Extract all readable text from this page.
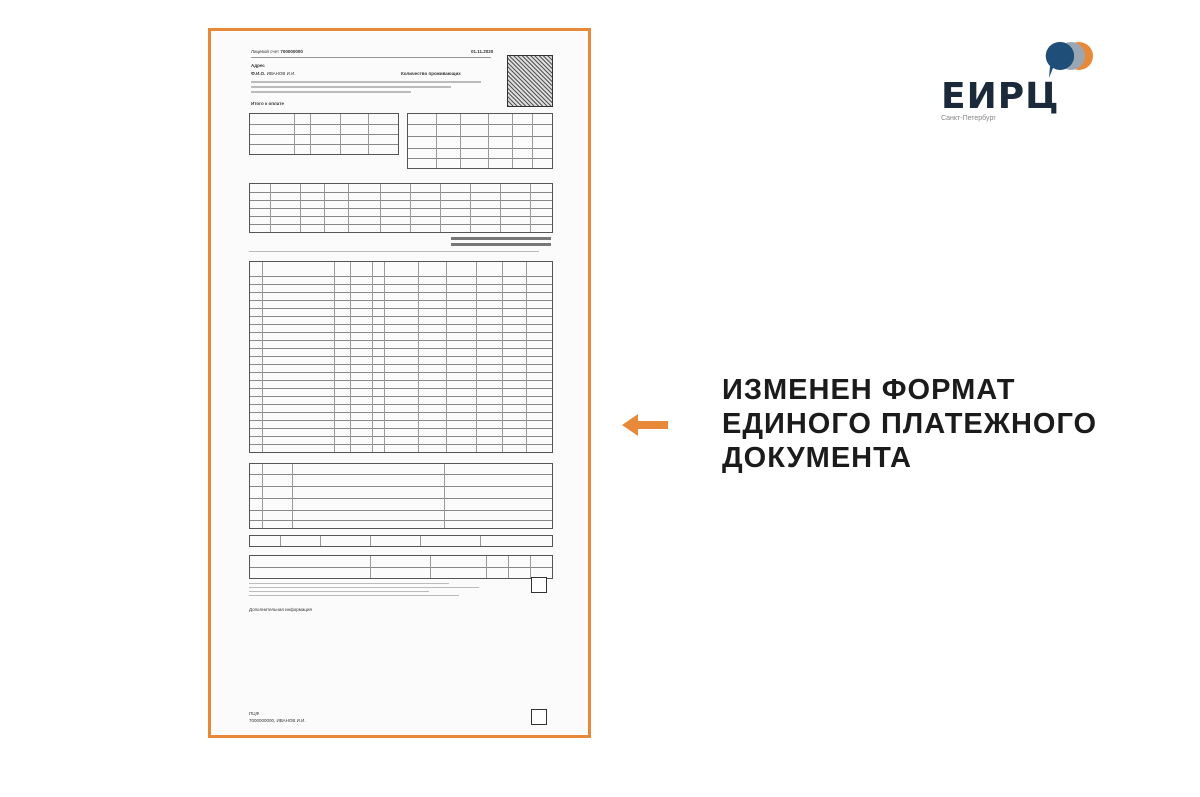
Лицевой счет 700000000	01.11.2020
Адрес
Ф.И.О. ИВАНОВ И.И.	Количество проживающих
Итого к оплате
Дополнительная информация
ПЦФ
7000000000, ИВАНОВ И.И.
ИЗМЕНЕН ФОРМАТ
ЕДИНОГО ПЛАТЕЖНОГО
ДОКУМЕНТА
ЕИРЦ
Санкт-Петербург
